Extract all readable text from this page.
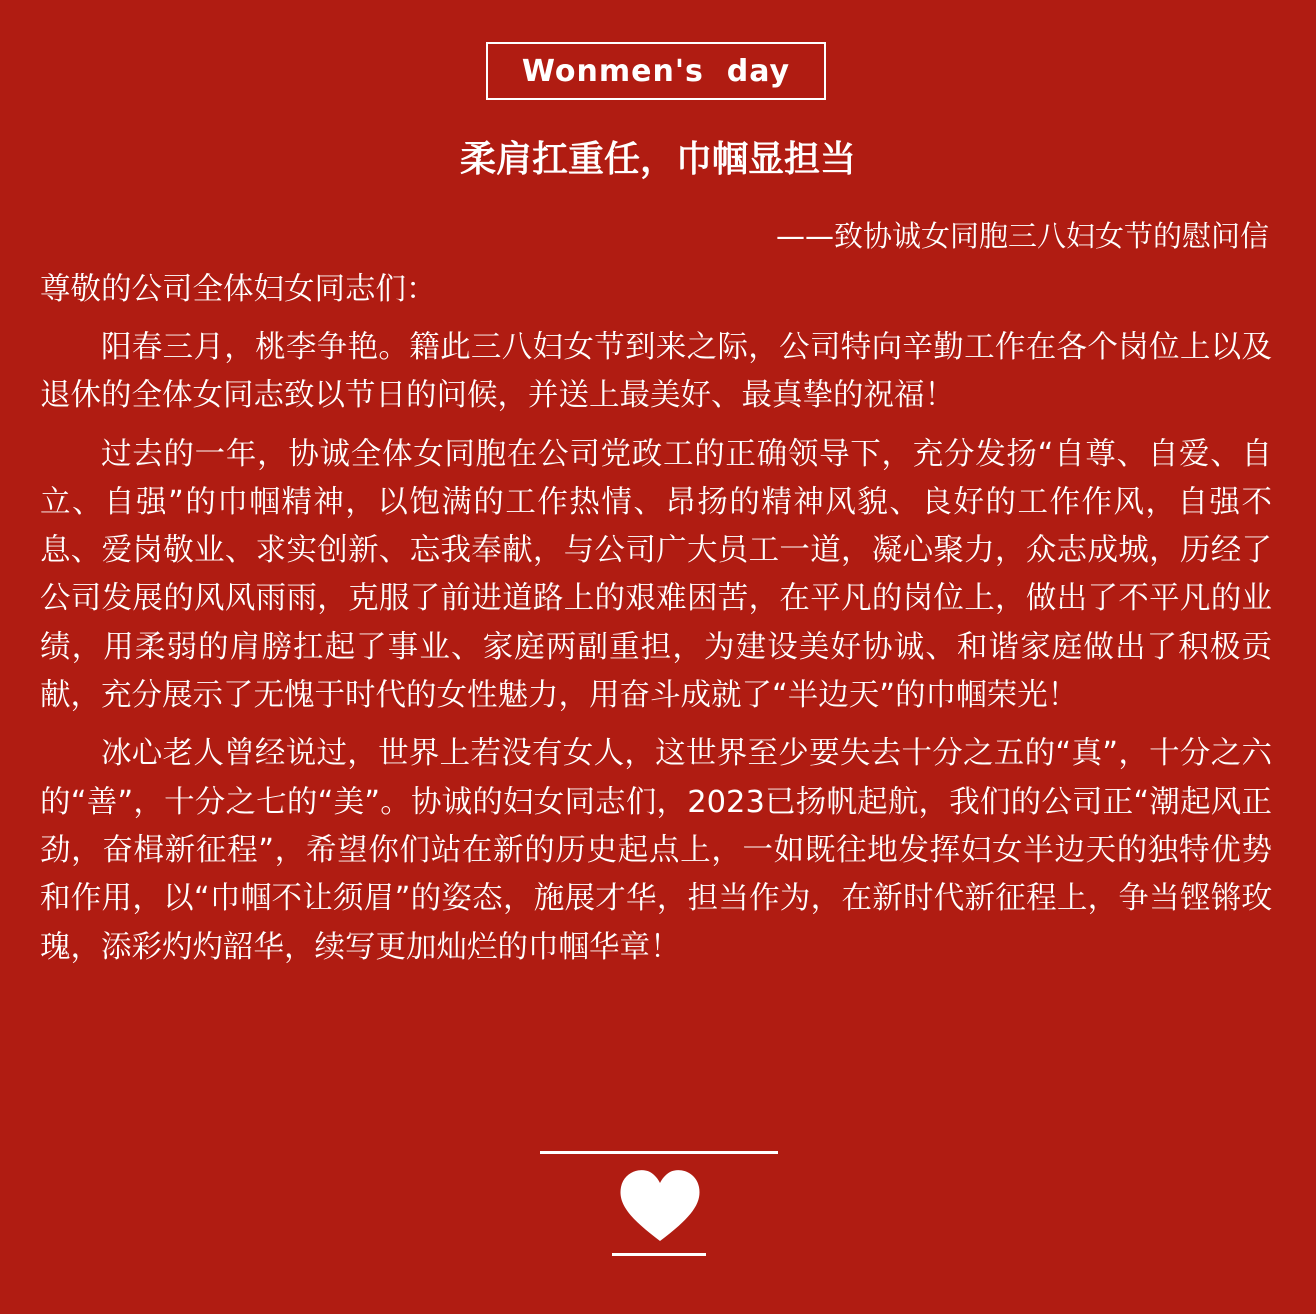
Wonmen's  day
柔肩扛重任，巾帼显担当
——致协诚女同胞三八妇女节的慰问信

尊敬的公司全体妇女同志们：

阳春三月，桃李争艳。籍此三八妇女节到来之际，公司特向辛勤工作在各个岗位上以及退休的全体女同志致以节日的问候，并送上最美好、最真挚的祝福！

过去的一年，协诚全体女同胞在公司党政工的正确领导下，充分发扬“自尊、自爱、自立、自强”的巾帼精神，以饱满的工作热情、昂扬的精神风貌、良好的工作作风，自强不息、爱岗敬业、求实创新、忘我奉献，与公司广大员工一道，凝心聚力，众志成城，历经了公司发展的风风雨雨，克服了前进道路上的艰难困苦，在平凡的岗位上，做出了不平凡的业绩，用柔弱的肩膀扛起了事业、家庭两副重担，为建设美好协诚、和谐家庭做出了积极贡献，充分展示了无愧于时代的女性魅力，用奋斗成就了“半边天”的巾帼荣光！

冰心老人曾经说过，世界上若没有女人，这世界至少要失去十分之五的“真”，十分之六的“善”，十分之七的“美”。协诚的妇女同志们，2023已扬帆起航，我们的公司正“潮起风正劲，奋楫新征程”，希望你们站在新的历史起点上，一如既往地发挥妇女半边天的独特优势和作用，以“巾帼不让须眉”的姿态，施展才华，担当作为，在新时代新征程上，争当铿锵玫瑰，添彩灼灼韶华，续写更加灿烂的巾帼华章！
